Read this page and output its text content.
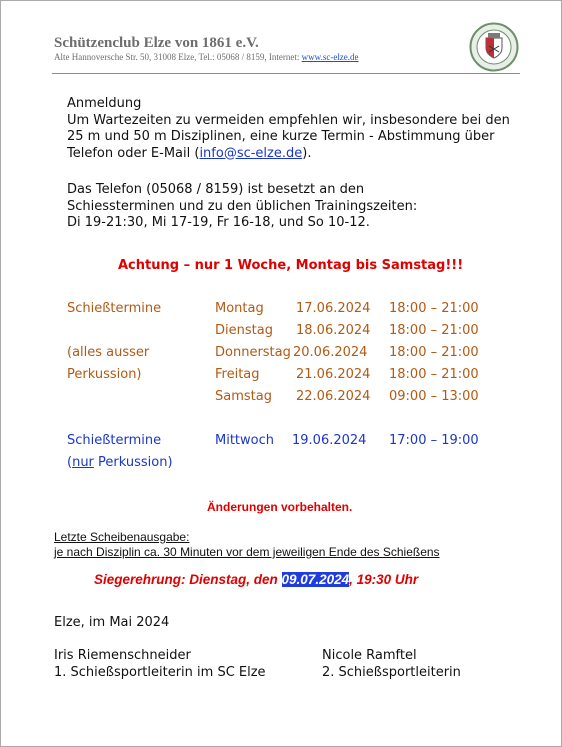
Schützenclub Elze von 1861 e.V.
Alte Hannoversche Str. 50, 31008 Elze, Tel.: 05068 / 8159, Internet: www.sc-elze.de

Anmeldung

Um Wartezeiten zu vermeiden empfehlen wir, insbesondere bei den

25 m und 50 m Disziplinen, eine kurze Termin - Abstimmung über

Telefon oder E-Mail (info@sc-elze.de).

Das Telefon (05068 / 8159) ist besetzt an den

Schiessterminen und zu den üblichen Trainingszeiten:

Di 19-21:30, Mi 17-19, Fr 16-18, und So 10-12.

Achtung – nur 1 Woche, Montag bis Samstag!!!
Schießtermine
(alles ausser
Perkussion)
Montag 17.06.2024 18:00 – 21:00
Dienstag 18.06.2024 18:00 – 21:00
Donnerstag 20.06.2024 18:00 – 21:00
Freitag	21.06.2024 18:00 – 21:00
Samstag 22.06.2024 09:00 – 13:00
Schießtermine
(nur Perkussion)
Mittwoch 19.06.2024 17:00 – 19:00
Änderungen vorbehalten.
Letzte Scheibenausgabe:
je nach Disziplin ca. 30 Minuten vor dem jeweiligen Ende des Schießens
Siegerehrung: Dienstag, den 09.07.2024, 19:30 Uhr
Elze, im Mai 2024
Iris Riemenschneider
1. Schießsportleiterin im SC Elze
Nicole Ramftel
2. Schießsportleiterin
